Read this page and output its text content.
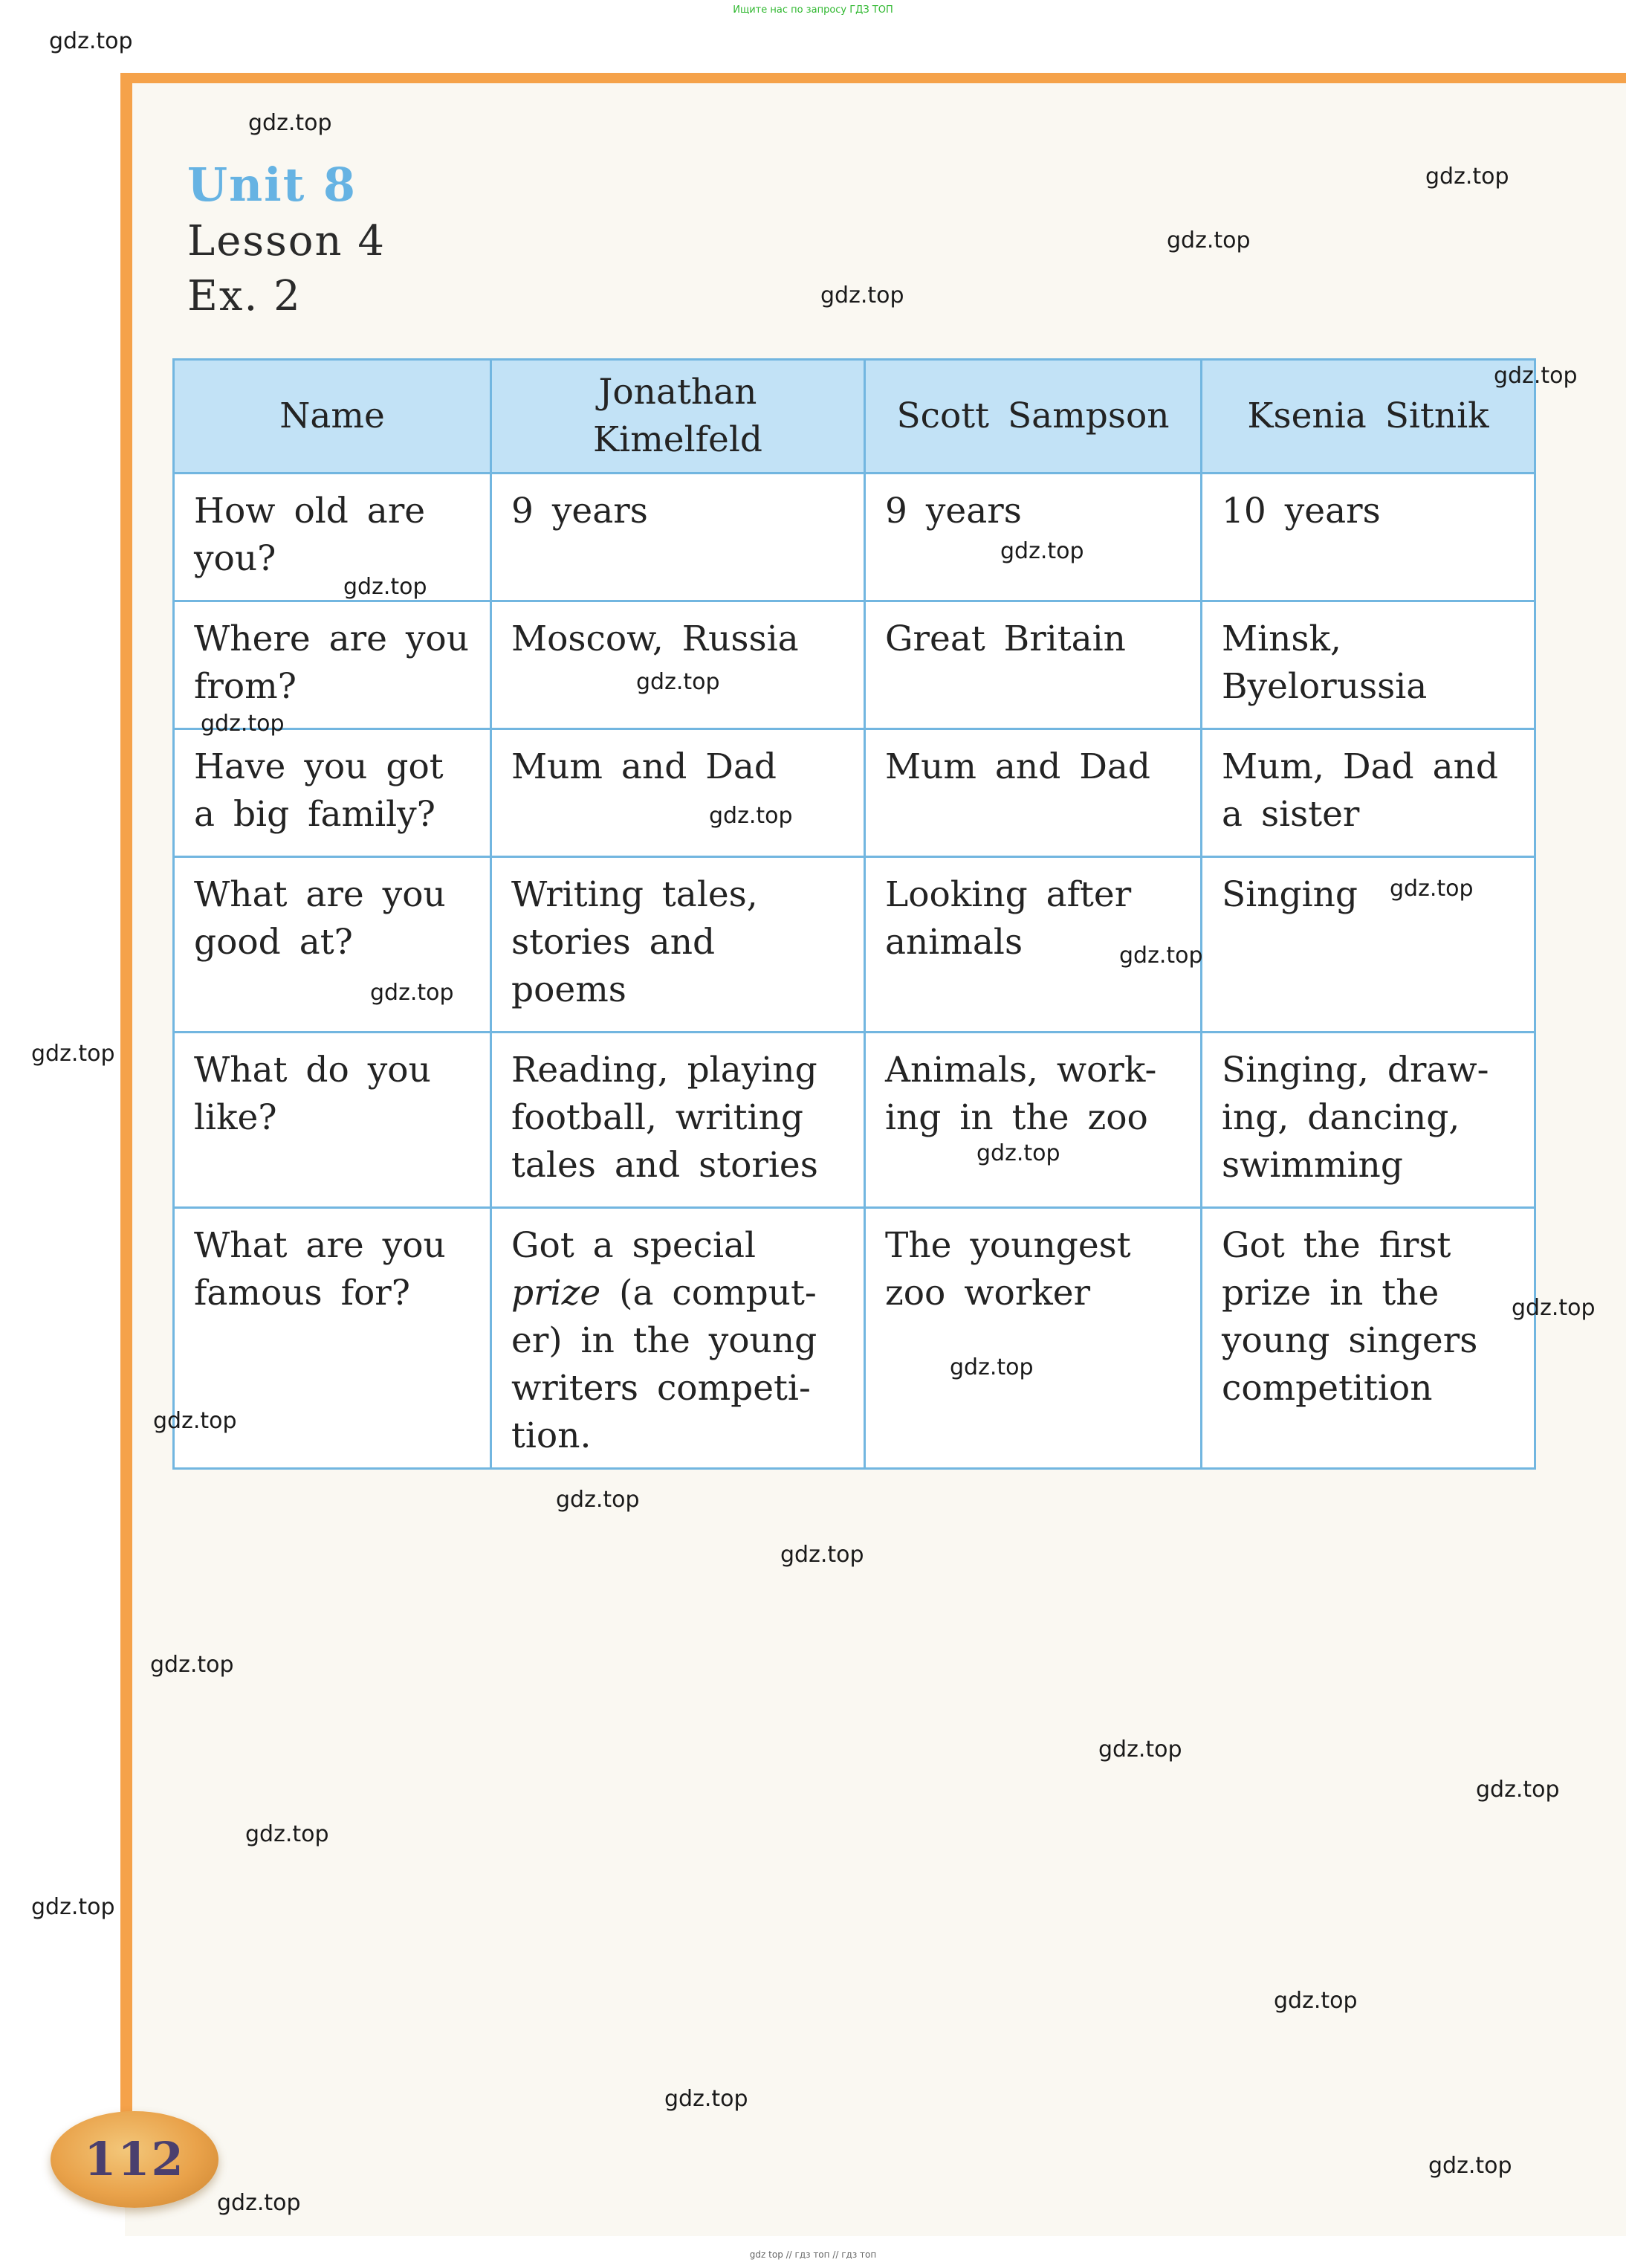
Ищите нас по запросу ГДЗ ТОП
Unit 8
Lesson 4
Ex. 2
Name	Jonathan Kimelfeld	Scott Sampson	Ksenia Sitnik
How old are you?	9 years	9 years	10 years
Where are you from?	Moscow, Russia	Great Britain	Minsk, Byelorussia
Have you got a big family?	Mum and Dad	Mum and Dad	Mum, Dad and a sister
What are you good at?	Writing tales, stories and poems	Looking after animals	Singing
What do you like?	Reading, playing football, writing tales and stories	Animals, work-ing in the zoo	Singing, draw-ing, dancing, swimming
What are you famous for?	Got a special prize (a comput-er) in the young writers competi-tion.	The youngest zoo worker	Got the first prize in the young singers competition
112
gdz.top
gdz.top
gdz.top
gdz.top
gdz.top
gdz.top
gdz.top
gdz.top
gdz.top
gdz.top
gdz.top
gdz.top
gdz.top
gdz.top
gdz.top
gdz.top
gdz.top
gdz.top
gdz.top
gdz.top
gdz.top
gdz.top
gdz.top
gdz.top
gdz.top
gdz.top
gdz.top
gdz.top
gdz.top
gdz.top
gdz top // гдз топ // гдз топ
